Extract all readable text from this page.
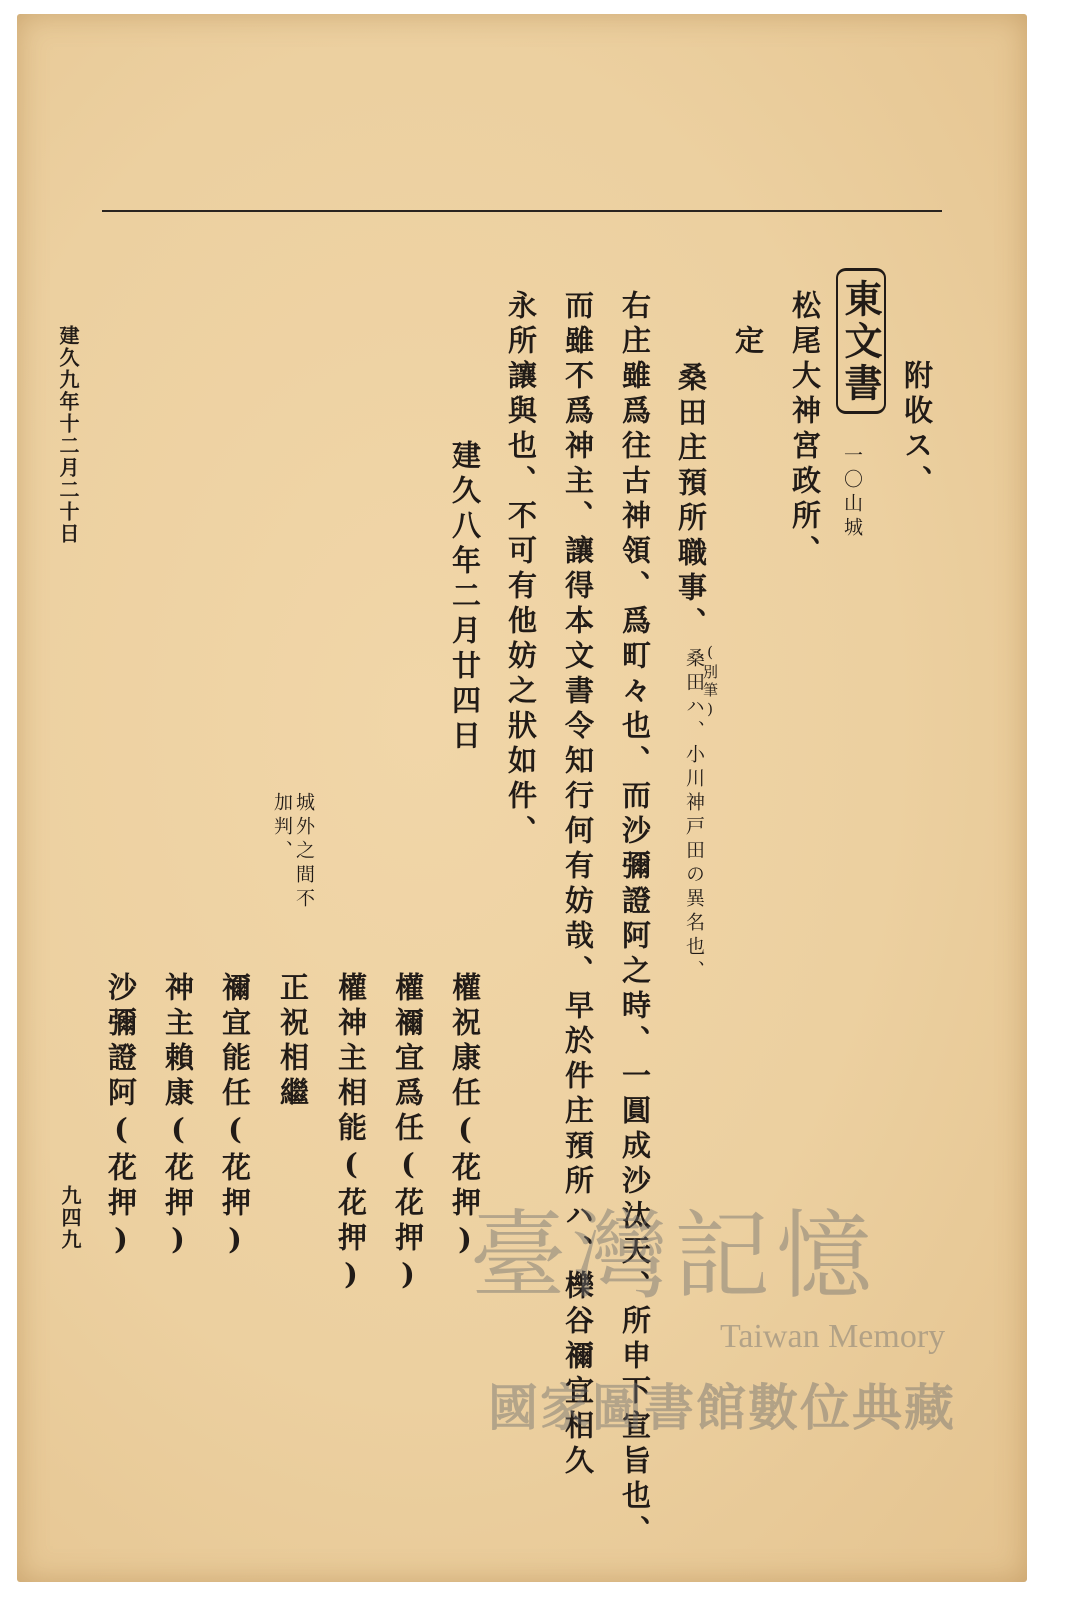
附收ス、
東文書
一〇山城
松尾大神宮政所、
定
桑田庄預所職事、
(別筆)
桑田ハ、小川神戸田の異名也、
右庄雖爲往古神領、爲町々也、而沙彌證阿之時、一圓成沙汰天、所申下宣旨也、
而雖不爲神主、讓得本文書令知行何有妨哉、早於件庄預所ハ、櫟谷禰宜相久
永所讓與也、不可有他妨之狀如件、
建久八年二月廿四日
權祝康任(花押)
權禰宜爲任(花押)
權神主相能(花押)
城外之間不
加判、
正祝相繼
禰宜能任(花押)
神主賴康(花押)
沙彌證阿(花押)
建久九年十二月二十日
九四九	臺灣記憶
Taiwan Memory
國家圖書館數位典藏
